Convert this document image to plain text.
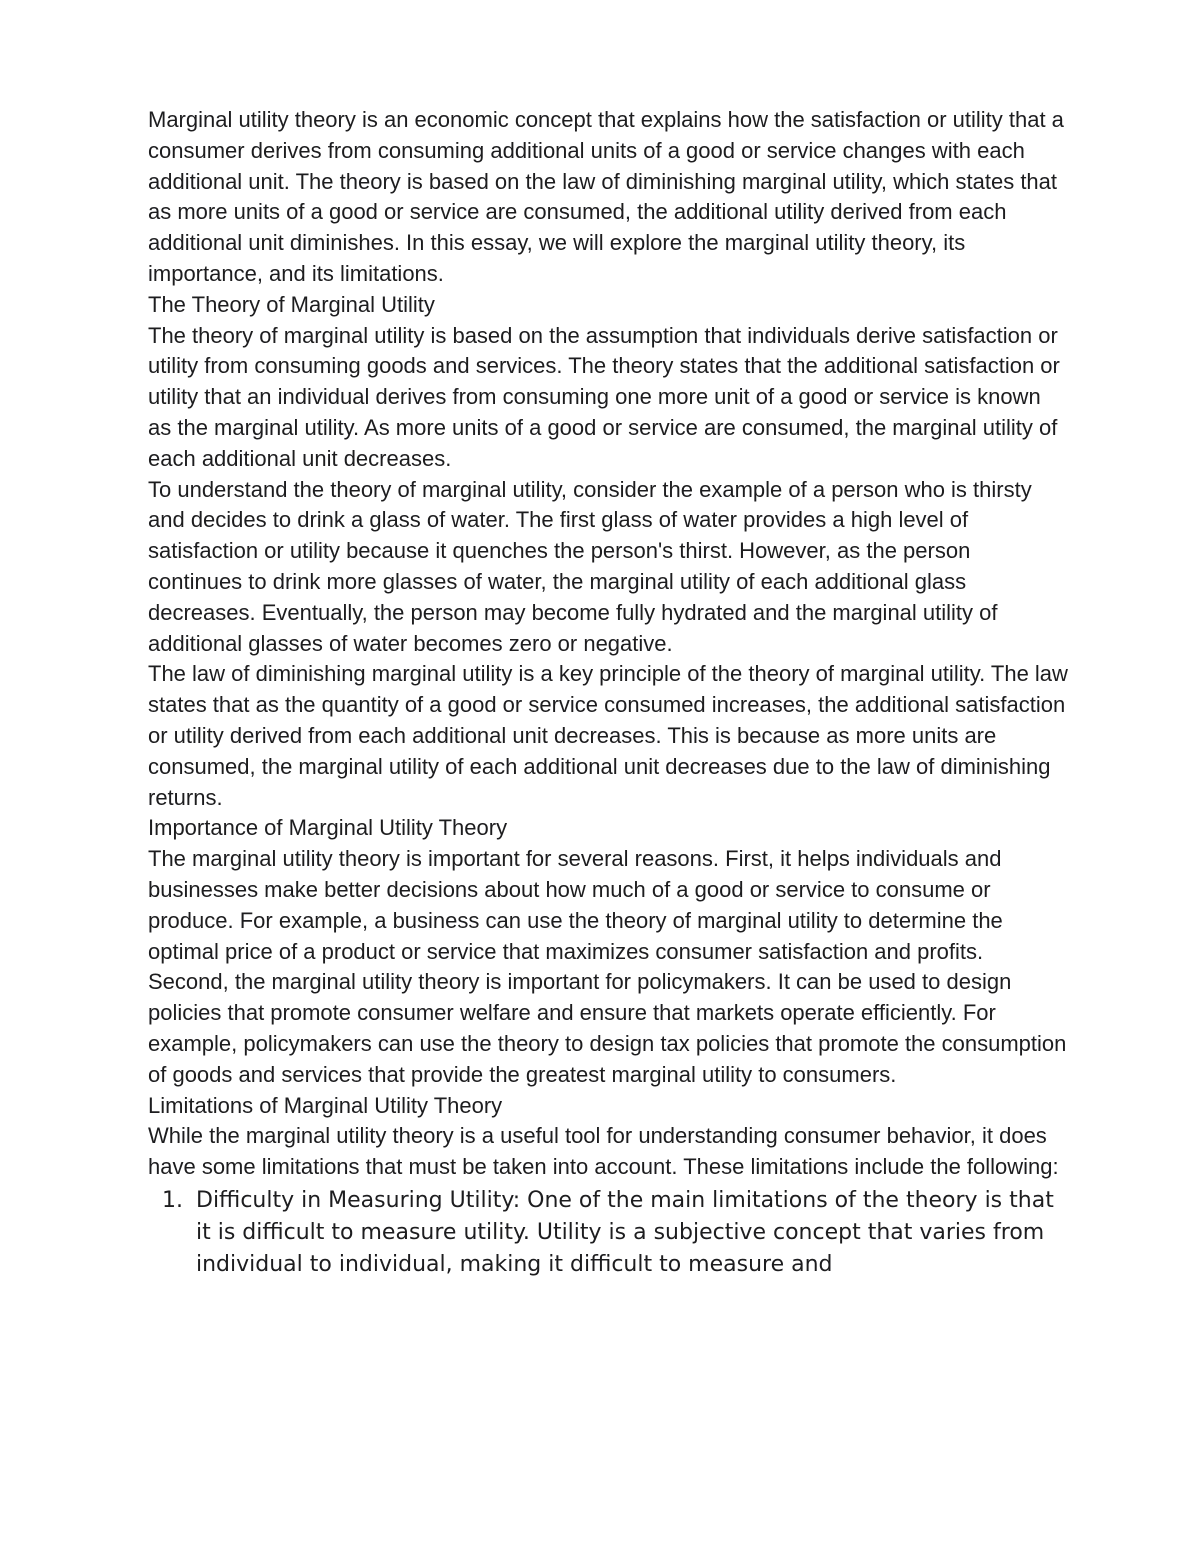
Marginal utility theory is an economic concept that explains how the satisfaction or utility that a consumer derives from consuming additional units of a good or service changes with each additional unit. The theory is based on the law of diminishing marginal utility, which states that as more units of a good or service are consumed, the additional utility derived from each additional unit diminishes. In this essay, we will explore the marginal utility theory, its importance, and its limitations.

The Theory of Marginal Utility

The theory of marginal utility is based on the assumption that individuals derive satisfaction or utility from consuming goods and services. The theory states that the additional satisfaction or utility that an individual derives from consuming one more unit of a good or service is known as the marginal utility. As more units of a good or service are consumed, the marginal utility of each additional unit decreases.

To understand the theory of marginal utility, consider the example of a person who is thirsty and decides to drink a glass of water. The first glass of water provides a high level of satisfaction or utility because it quenches the person's thirst. However, as the person continues to drink more glasses of water, the marginal utility of each additional glass decreases. Eventually, the person may become fully hydrated and the marginal utility of additional glasses of water becomes zero or negative.

The law of diminishing marginal utility is a key principle of the theory of marginal utility. The law states that as the quantity of a good or service consumed increases, the additional satisfaction or utility derived from each additional unit decreases. This is because as more units are consumed, the marginal utility of each additional unit decreases due to the law of diminishing returns.

Importance of Marginal Utility Theory

The marginal utility theory is important for several reasons. First, it helps individuals and businesses make better decisions about how much of a good or service to consume or produce. For example, a business can use the theory of marginal utility to determine the optimal price of a product or service that maximizes consumer satisfaction and profits.

Second, the marginal utility theory is important for policymakers. It can be used to design policies that promote consumer welfare and ensure that markets operate efficiently. For example, policymakers can use the theory to design tax policies that promote the consumption of goods and services that provide the greatest marginal utility to consumers.

Limitations of Marginal Utility Theory

While the marginal utility theory is a useful tool for understanding consumer behavior, it does have some limitations that must be taken into account. These limitations include the following:

1. Difficulty in Measuring Utility: One of the main limitations of the theory is that it is difficult to measure utility. Utility is a subjective concept that varies from individual to individual, making it difficult to measure and
